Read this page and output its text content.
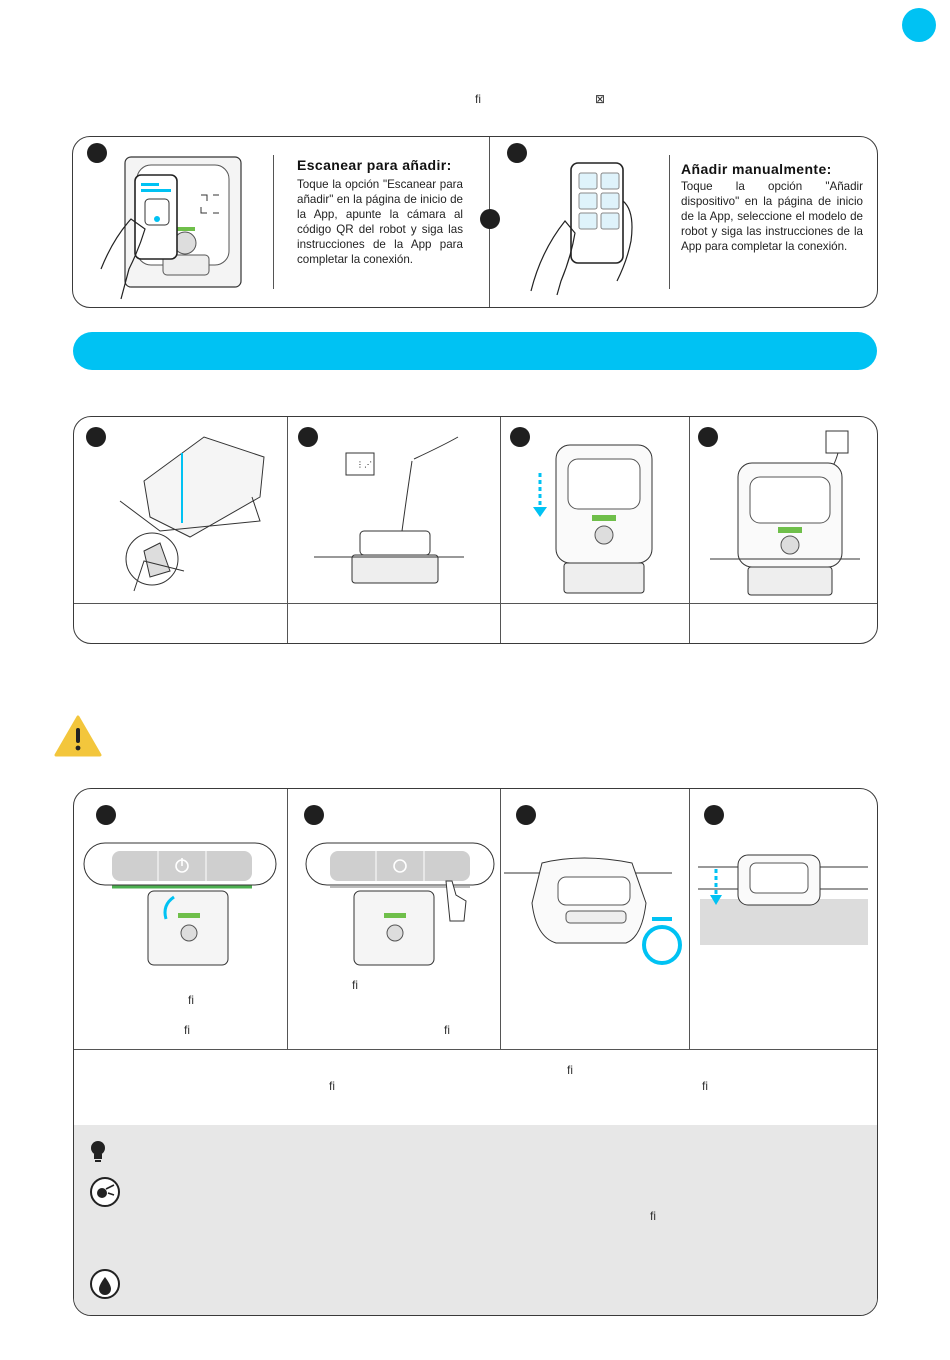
ﬁ	⊠
Escanear para añadir:
Toque la opción "Escanear para añadir" en la página de inicio de la App, apunte la cámara al código QR del robot y siga las instrucciones de la App para completar la conexión.
Añadir manualmente:
Toque la opción "Añadir dispositivo" en la página de inicio de la App, seleccione el modelo de robot y siga las instrucciones de la App para completar la conexión.
⋮⋰
ﬁ
ﬁ
ﬁ
ﬁ
ﬁ
ﬁ	ﬁ
ﬁ
